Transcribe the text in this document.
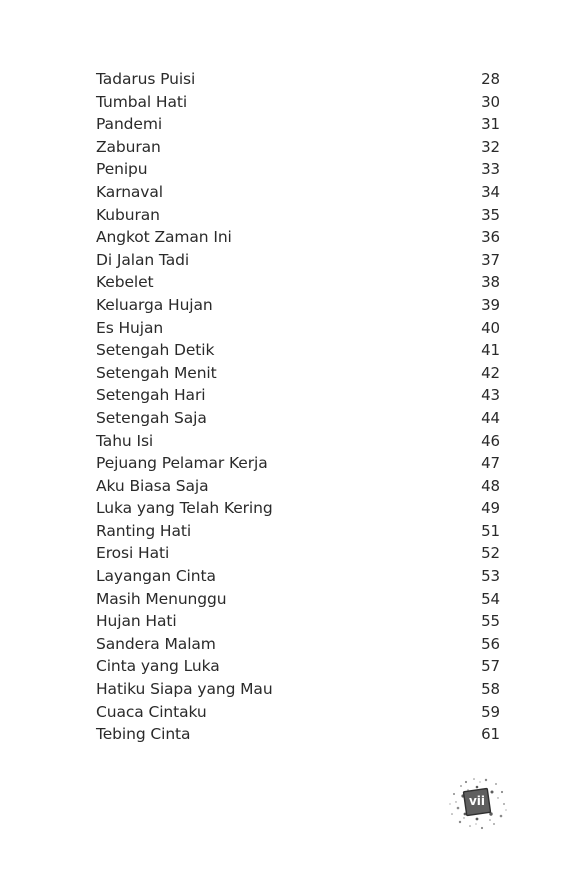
Tadarus Puisi	28
Tumbal Hati	30
Pandemi	31
Zaburan	32
Penipu	33
Karnaval	34
Kuburan	35
Angkot Zaman Ini	36
Di Jalan Tadi	37
Kebelet	38
Keluarga Hujan	39
Es Hujan	40
Setengah Detik	41
Setengah Menit	42
Setengah Hari	43
Setengah Saja	44
Tahu Isi	46
Pejuang Pelamar Kerja	47
Aku Biasa Saja	48
Luka yang Telah Kering	49
Ranting Hati	51
Erosi Hati	52
Layangan Cinta	53
Masih Menunggu	54
Hujan Hati	55
Sandera Malam	56
Cinta yang Luka	57
Hatiku Siapa yang Mau	58
Cuaca Cintaku	59
Tebing Cinta	61
vii
